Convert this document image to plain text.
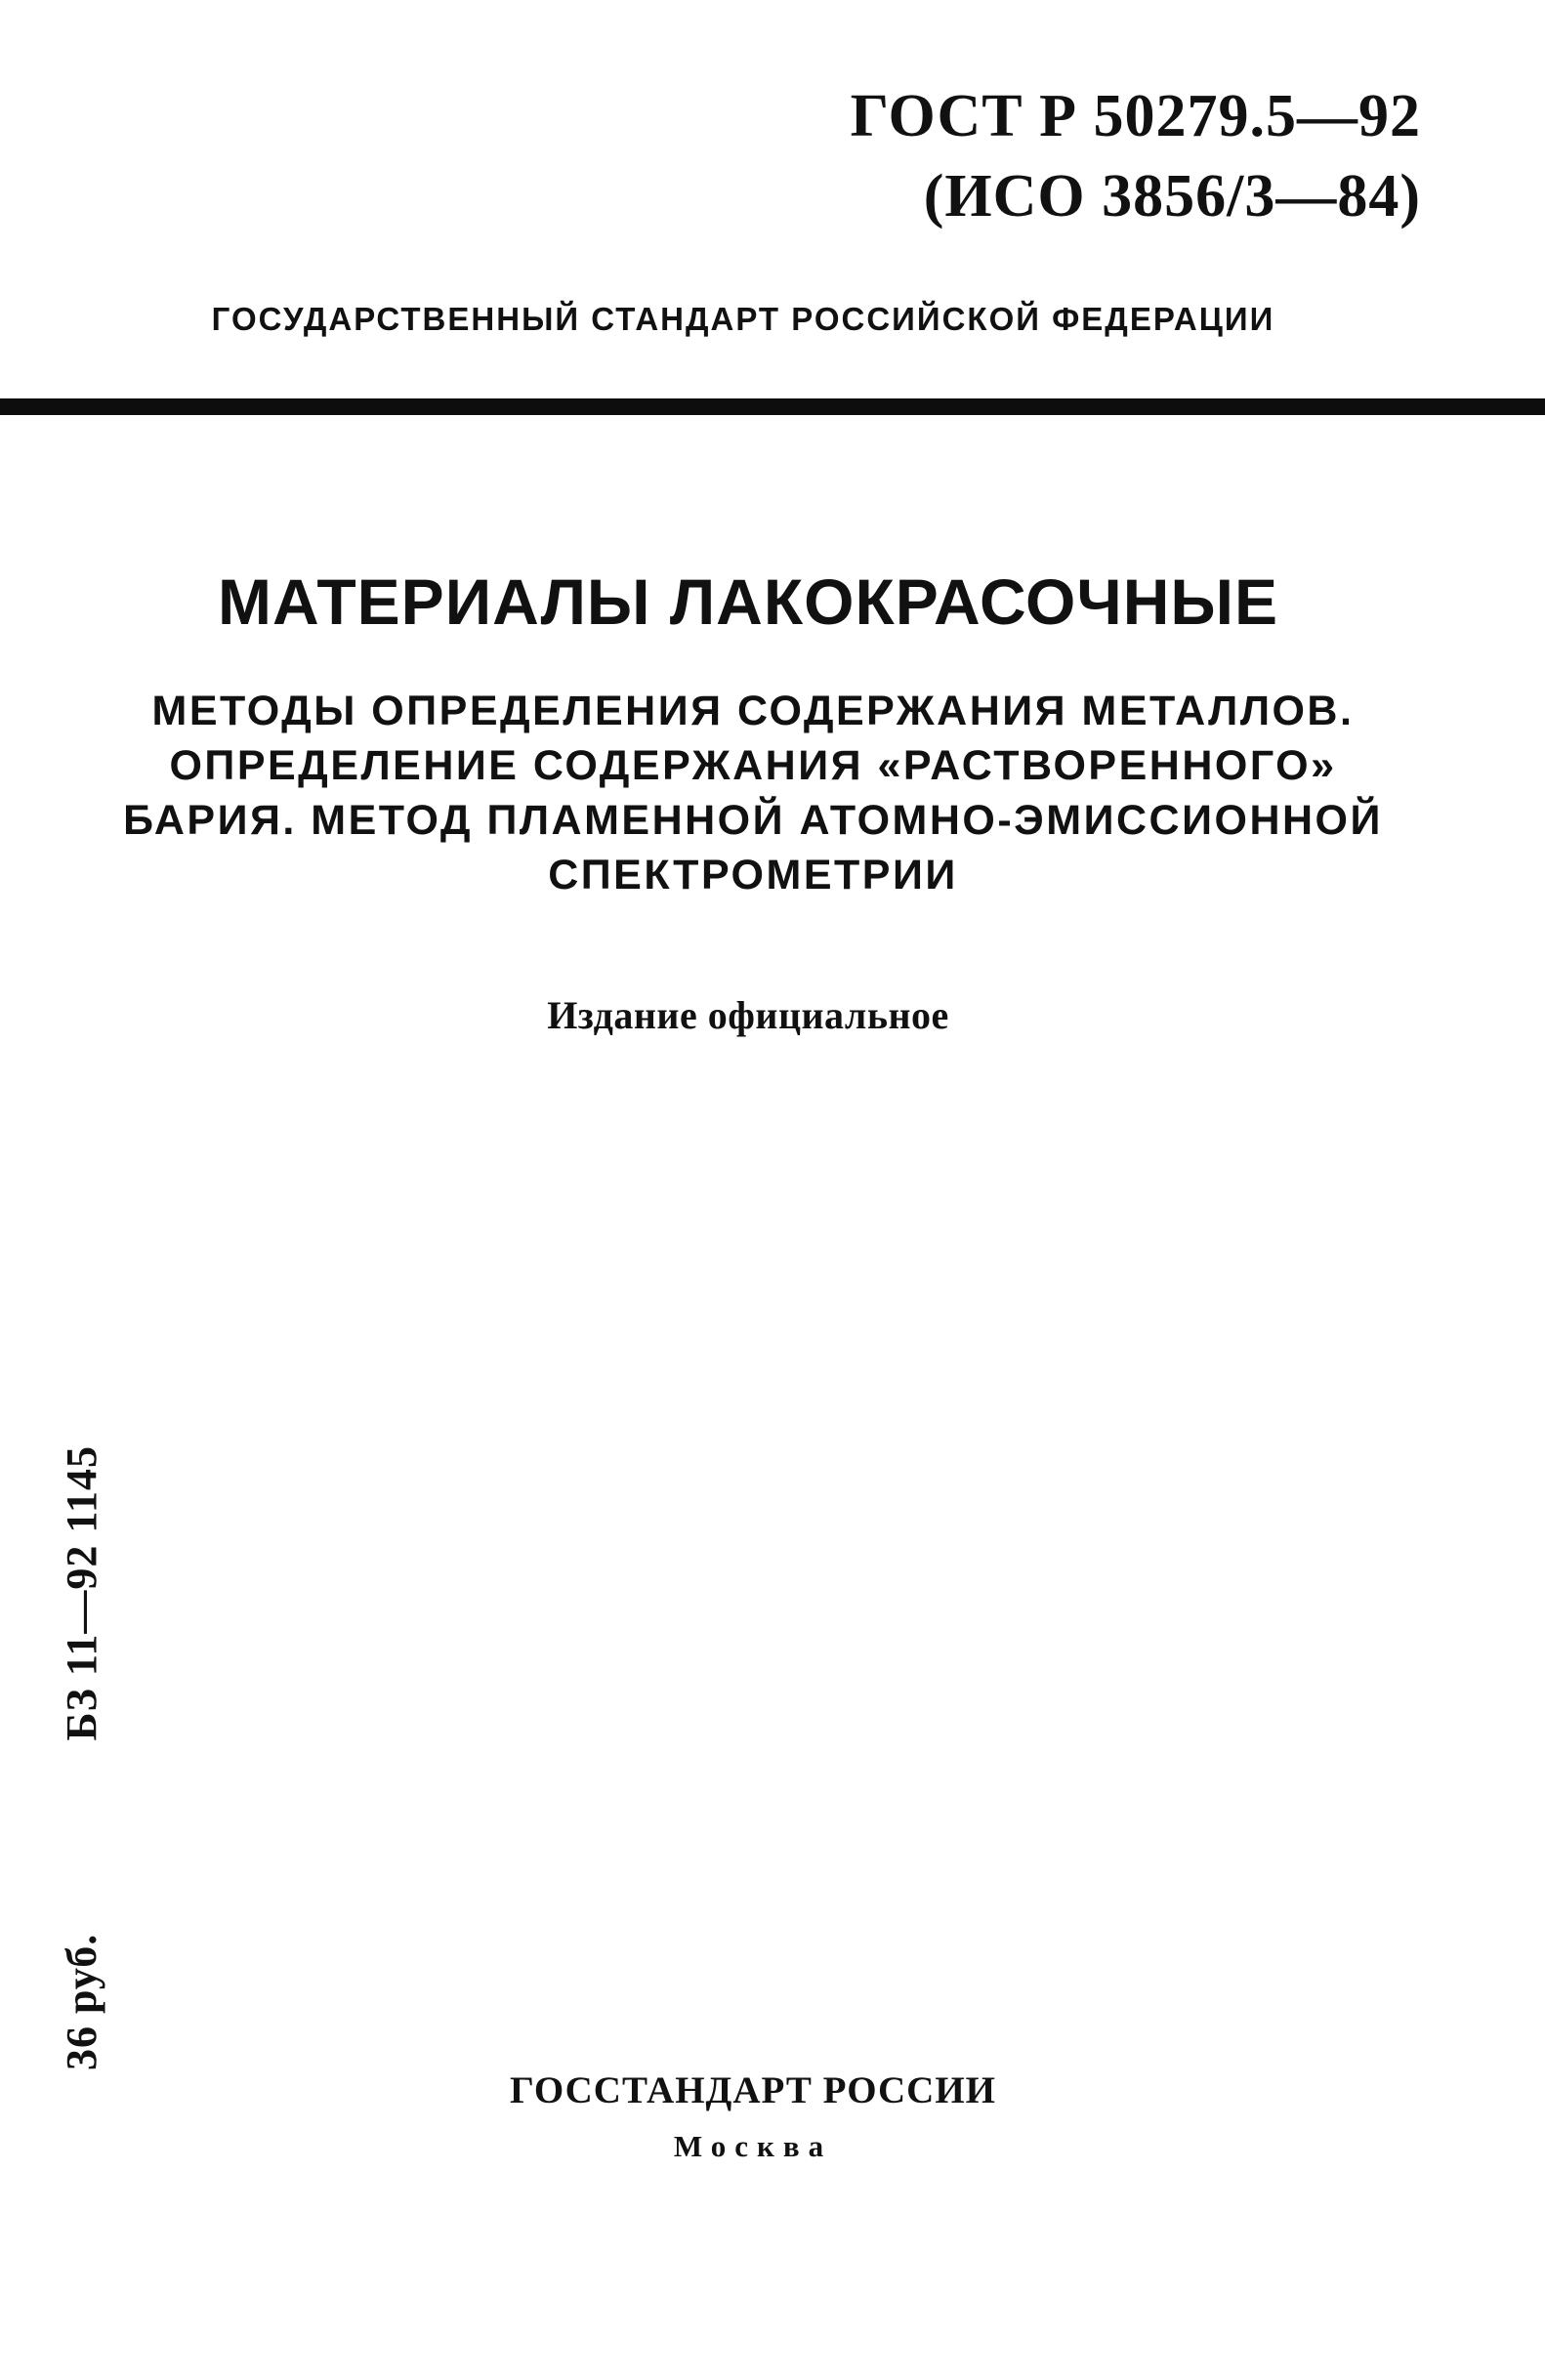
ГОСТ Р 50279.5—92
(ИСО 3856/3—84)
ГОСУДАРСТВЕННЫЙ СТАНДАРТ РОССИЙСКОЙ ФЕДЕРАЦИИ
МАТЕРИАЛЫ ЛАКОКРАСОЧНЫЕ
МЕТОДЫ ОПРЕДЕЛЕНИЯ СОДЕРЖАНИЯ МЕТАЛЛОВ.
ОПРЕДЕЛЕНИЕ СОДЕРЖАНИЯ «РАСТВОРЕННОГО»
БАРИЯ. МЕТОД ПЛАМЕННОЙ АТОМНО-ЭМИССИОННОЙ
СПЕКТРОМЕТРИИ
Издание официальное
36 руб.
БЗ 11—92 1145
ГОССТАНДАРТ РОССИИ
Москва
